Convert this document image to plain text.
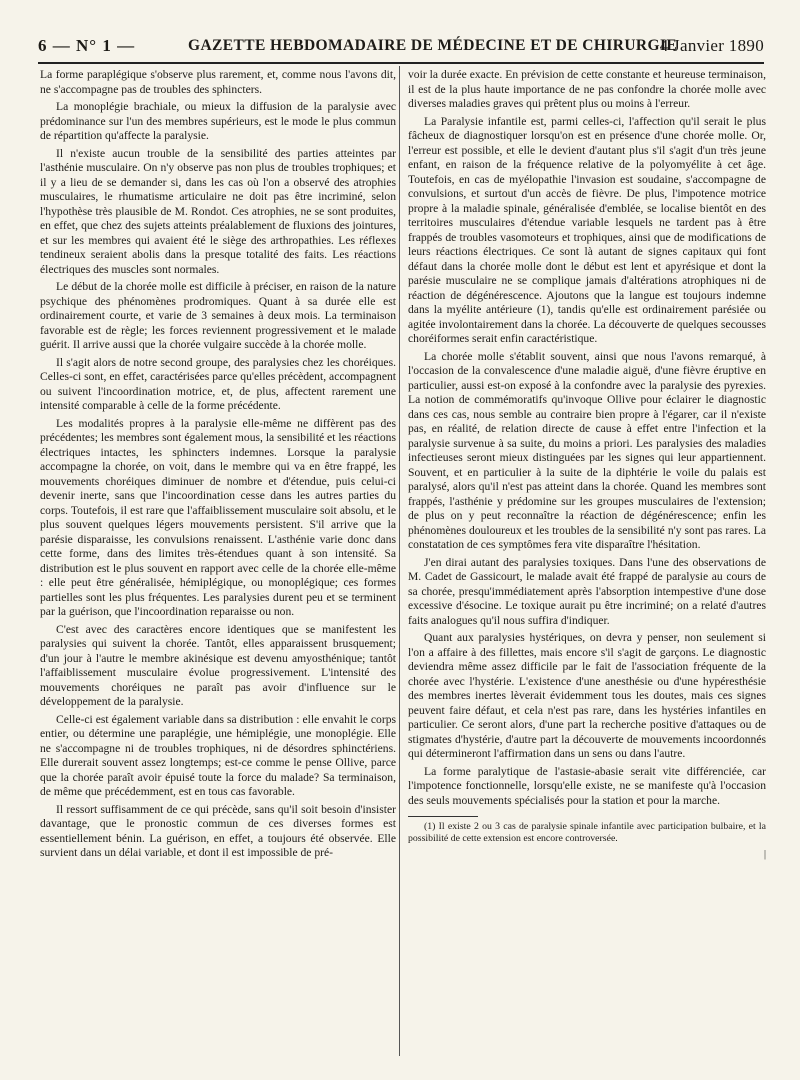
6 — N° 1 —	GAZETTE HEBDOMADAIRE DE MÉDECINE ET DE CHIRURGIE
4 Janvier 1890

La forme paraplégique s'observe plus rarement, et, comme nous l'avons dit, ne s'accompagne pas de troubles des sphincters.

La monoplégie brachiale, ou mieux la diffusion de la paralysie avec prédominance sur l'un des membres supérieurs, est le mode le plus commun de répartition qu'affecte la paralysie.

Il n'existe aucun trouble de la sensibilité des parties atteintes par l'asthénie musculaire. On n'y observe pas non plus de troubles trophiques; et il y a lieu de se demander si, dans les cas où l'on a observé des atrophies musculaires, le rhumatisme articulaire ne doit pas être incriminé, selon l'hypothèse très plausible de M. Rondot. Ces atrophies, ne se sont produites, en effet, que chez des sujets atteints préalablement de fluxions des jointures, et sur les membres qui avaient été le siège des arthropathies. Les réflexes tendineux seraient abolis dans la presque totalité des faits. Les réactions électriques des muscles sont normales.

Le début de la chorée molle est difficile à préciser, en raison de la nature psychique des phénomènes prodromiques. Quant à sa durée elle est ordinairement courte, et varie de 3 semaines à deux mois. La terminaison favorable est de règle; les forces reviennent progressivement et le malade guérit. Il arrive aussi que la chorée vulgaire succède à la chorée molle.

Il s'agit alors de notre second groupe, des paralysies chez les choréiques. Celles-ci sont, en effet, caractérisées parce qu'elles précèdent, accompagnent ou suivent l'incoordination motrice, et, de plus, affectent rarement une intensité comparable à celle de la forme précédente.

Les modalités propres à la paralysie elle-même ne diffèrent pas des précédentes; les membres sont également mous, la sensibilité et les réactions électriques intactes, les sphincters indemnes. Lorsque la paralysie accompagne la chorée, on voit, dans le membre qui va en être frappé, les mouvements choréiques diminuer de nombre et d'étendue, puis celui-ci devenir inerte, sans que l'incoordination cesse dans les autres parties du corps. Toutefois, il est rare que l'affaiblissement musculaire soit absolu, et le plus souvent quelques légers mouvements persistent. S'il arrive que la parésie disparaisse, les convulsions renaissent. L'asthénie varie donc dans cette forme, dans des limites très-étendues quant à son intensité. Sa distribution est le plus souvent en rapport avec celle de la chorée elle-même : elle peut être généralisée, hémiplégique, ou monoplégique; ces formes partielles sont les plus fréquentes. Les paralysies durent peu et se terminent par la guérison, que l'incoordination reparaisse ou non.

C'est avec des caractères encore identiques que se manifestent les paralysies qui suivent la chorée. Tantôt, elles apparaissent brusquement; d'un jour à l'autre le membre akinésique est devenu amyosthénique; tantôt l'affaiblissement musculaire évolue progressivement. L'intensité des mouvements choréiques ne paraît pas avoir d'influence sur le développement de la paralysie.

Celle-ci est également variable dans sa distribution : elle envahit le corps entier, ou détermine une paraplégie, une hémiplégie, une monoplégie. Elle ne s'accompagne ni de troubles trophiques, ni de désordres sphinctériens. Elle durerait souvent assez longtemps; est-ce comme le pense Ollive, parce que la chorée paraît avoir épuisé toute la force du malade? Sa terminaison, de même que précédemment, est en tous cas favorable.

Il ressort suffisamment de ce qui précède, sans qu'il soit besoin d'insister davantage, que le pronostic commun de ces diverses formes est essentiellement bénin. La guérison, en effet, a toujours été observée. Elle survient dans un délai variable, et dont il est impossible de pré-

voir la durée exacte. En prévision de cette constante et heureuse terminaison, il est de la plus haute importance de ne pas confondre la chorée molle avec diverses maladies graves qui prêtent plus ou moins à l'erreur.

La Paralysie infantile est, parmi celles-ci, l'affection qu'il serait le plus fâcheux de diagnostiquer lorsqu'on est en présence d'une chorée molle. Or, l'erreur est possible, et elle le devient d'autant plus s'il s'agit d'un très jeune enfant, en raison de la fréquence relative de la polyomyélite à cet âge. Toutefois, en cas de myélopathie l'invasion est soudaine, s'accompagne de convulsions, et surtout d'un accès de fièvre. De plus, l'impotence motrice propre à la maladie spinale, généralisée d'emblée, se localise bientôt en des territoires musculaires d'étendue variable lesquels ne tardent pas à être frappés de troubles vasomoteurs et trophiques, ainsi que de modifications de leurs réactions électriques. Ce sont là autant de signes capitaux qui font défaut dans la chorée molle dont le début est lent et apyrésique et dont la parésie musculaire ne se complique jamais d'altérations atrophiques ni de réaction de dégénérescence. Ajoutons que la langue est toujours indemne dans la myélite antérieure (1), tandis qu'elle est ordinairement parésiée ou agitée involontairement dans la chorée. La découverte de quelques secousses choréiformes serait enfin caractéristique.

La chorée molle s'établit souvent, ainsi que nous l'avons remarqué, à l'occasion de la convalescence d'une maladie aiguë, d'une fièvre éruptive en particulier, aussi est-on exposé à la confondre avec la paralysie des pyrexies. La notion de commémoratifs qu'invoque Ollive pour éclairer le diagnostic dans ces cas, nous semble au contraire bien propre à l'égarer, car il n'existe pas, en réalité, de relation directe de cause à effet entre l'infection et la paralysie survenue à sa suite, du moins a priori. Les paralysies des maladies infectieuses seront mieux distinguées par les signes qui leur appartiennent. Souvent, et en particulier à la suite de la diphtérie le voile du palais est paralysé, alors qu'il n'est pas atteint dans la chorée. Quand les membres sont frappés, l'asthénie y prédomine sur les groupes musculaires de l'extension; de plus on y peut reconnaître la réaction de dégénérescence; enfin les phénomènes douloureux et les troubles de la sensibilité n'y sont pas rares. La constatation de ces symptômes fera vite disparaître l'hésitation.

J'en dirai autant des paralysies toxiques. Dans l'une des observations de M. Cadet de Gassicourt, le malade avait été frappé de paralysie au cours de sa chorée, presqu'immédiatement après l'absorption intempestive d'une dose excessive d'ésocine. Le toxique aurait pu être incriminé; on a relaté d'autres faits analogues qu'il nous suffira d'indiquer.

Quant aux paralysies hystériques, on devra y penser, non seulement si l'on a affaire à des fillettes, mais encore s'il s'agit de garçons. Le diagnostic deviendra même assez difficile par le fait de l'association fréquente de la chorée avec l'hystérie. L'existence d'une anesthésie ou d'une hypéresthésie des membres inertes lèverait évidemment tous les doutes, mais ces signes peuvent faire défaut, et cela n'est pas rare, dans les hystéries infantiles en particulier. Ce seront alors, d'une part la recherche positive d'attaques ou de stigmates d'hystérie, d'autre part la découverte de mouvements incoordonnés qui détermineront l'affirmation dans un sens ou dans l'autre.

La forme paralytique de l'astasie-abasie serait vite différenciée, car l'impotence fonctionnelle, lorsqu'elle existe, ne se manifeste qu'à l'occasion des seuls mouvements spécialisés pour la station et pour la marche.

(1) Il existe 2 ou 3 cas de paralysie spinale infantile avec participation bulbaire, et la possibilité de cette extension est encore controversée.

|
